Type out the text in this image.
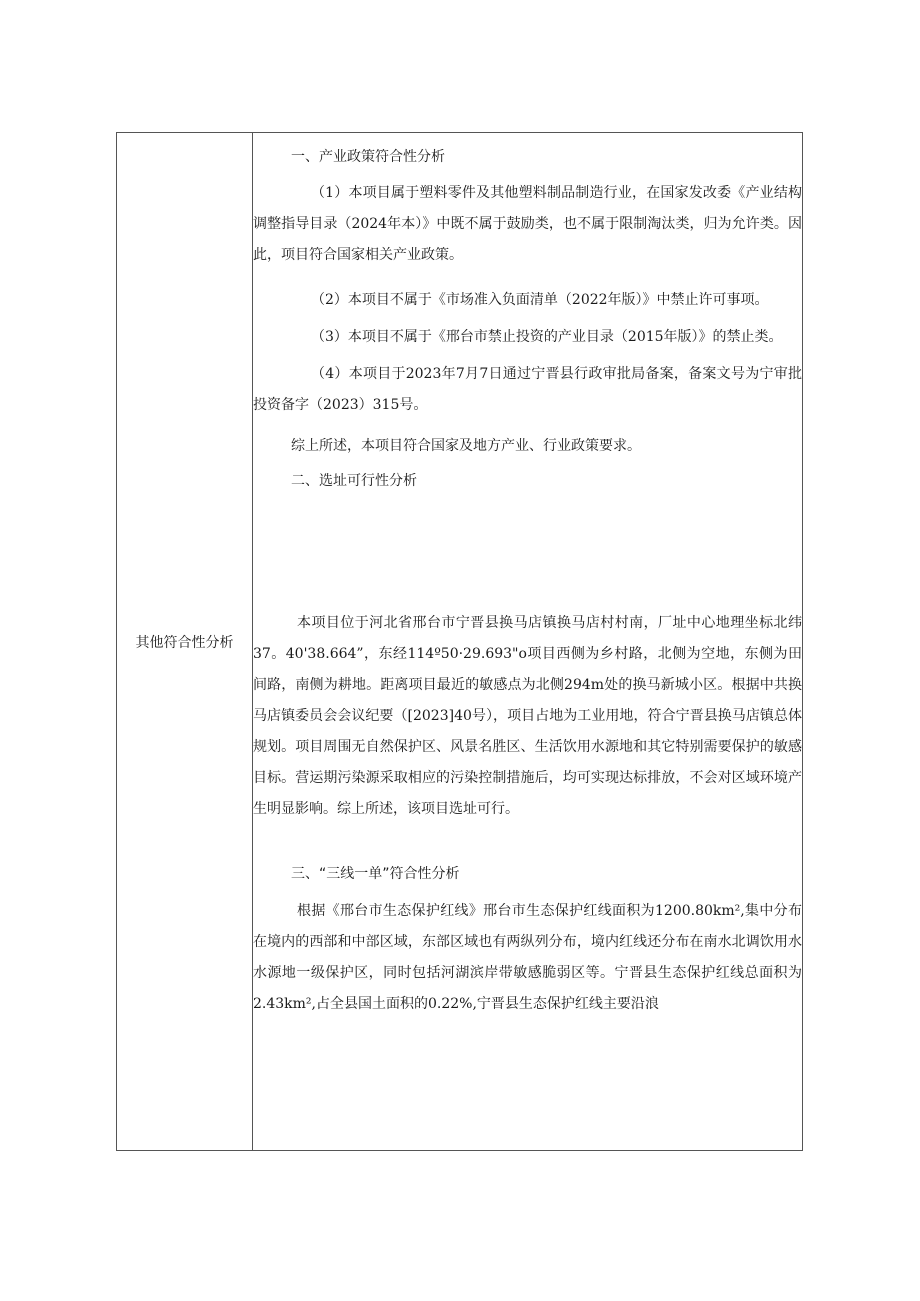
其他符合性分析

一、产业政策符合性分析

（1）本项目属于塑料零件及其他塑料制品制造行业，在国家发改委《产业结构调整指导目录（2024年本）》中既不属于鼓励类，也不属于限制淘汰类，归为允许类。因此，项目符合国家相关产业政策。

（2）本项目不属于《市场准入负面清单（2022年版）》中禁止许可事项。

（3）本项目不属于《邢台市禁止投资的产业目录（2015年版）》的禁止类。

（4）本项目于2023年7月7日通过宁晋县行政审批局备案，备案文号为宁审批投资备字（2023）315号。

综上所述，本项目符合国家及地方产业、行业政策要求。

二、选址可行性分析

本项目位于河北省邢台市宁晋县换马店镇换马店村村南，厂址中心地理坐标北纬37。40'38.664”，东经114º50·29.693"o项目西侧为乡村路，北侧为空地，东侧为田间路，南侧为耕地。距离项目最近的敏感点为北侧294m处的换马新城小区。根据中共换马店镇委员会会议纪要（[2023]40号），项目占地为工业用地，符合宁晋县换马店镇总体规划。项目周围无自然保护区、风景名胜区、生活饮用水源地和其它特别需要保护的敏感目标。营运期污染源采取相应的污染控制措施后，均可实现达标排放，不会对区域环境产生明显影响。综上所述，该项目选址可行。

三、“三线一单”符合性分析

根据《邢台市生态保护红线》邢台市生态保护红线面积为1200.80km²,集中分布在境内的西部和中部区域，东部区域也有两纵列分布，境内红线还分布在南水北调饮用水水源地一级保护区，同时包括河湖滨岸带敏感脆弱区等。宁晋县生态保护红线总面积为2.43km²,占全县国土面积的0.22%,宁晋县生态保护红线主要沿浪
